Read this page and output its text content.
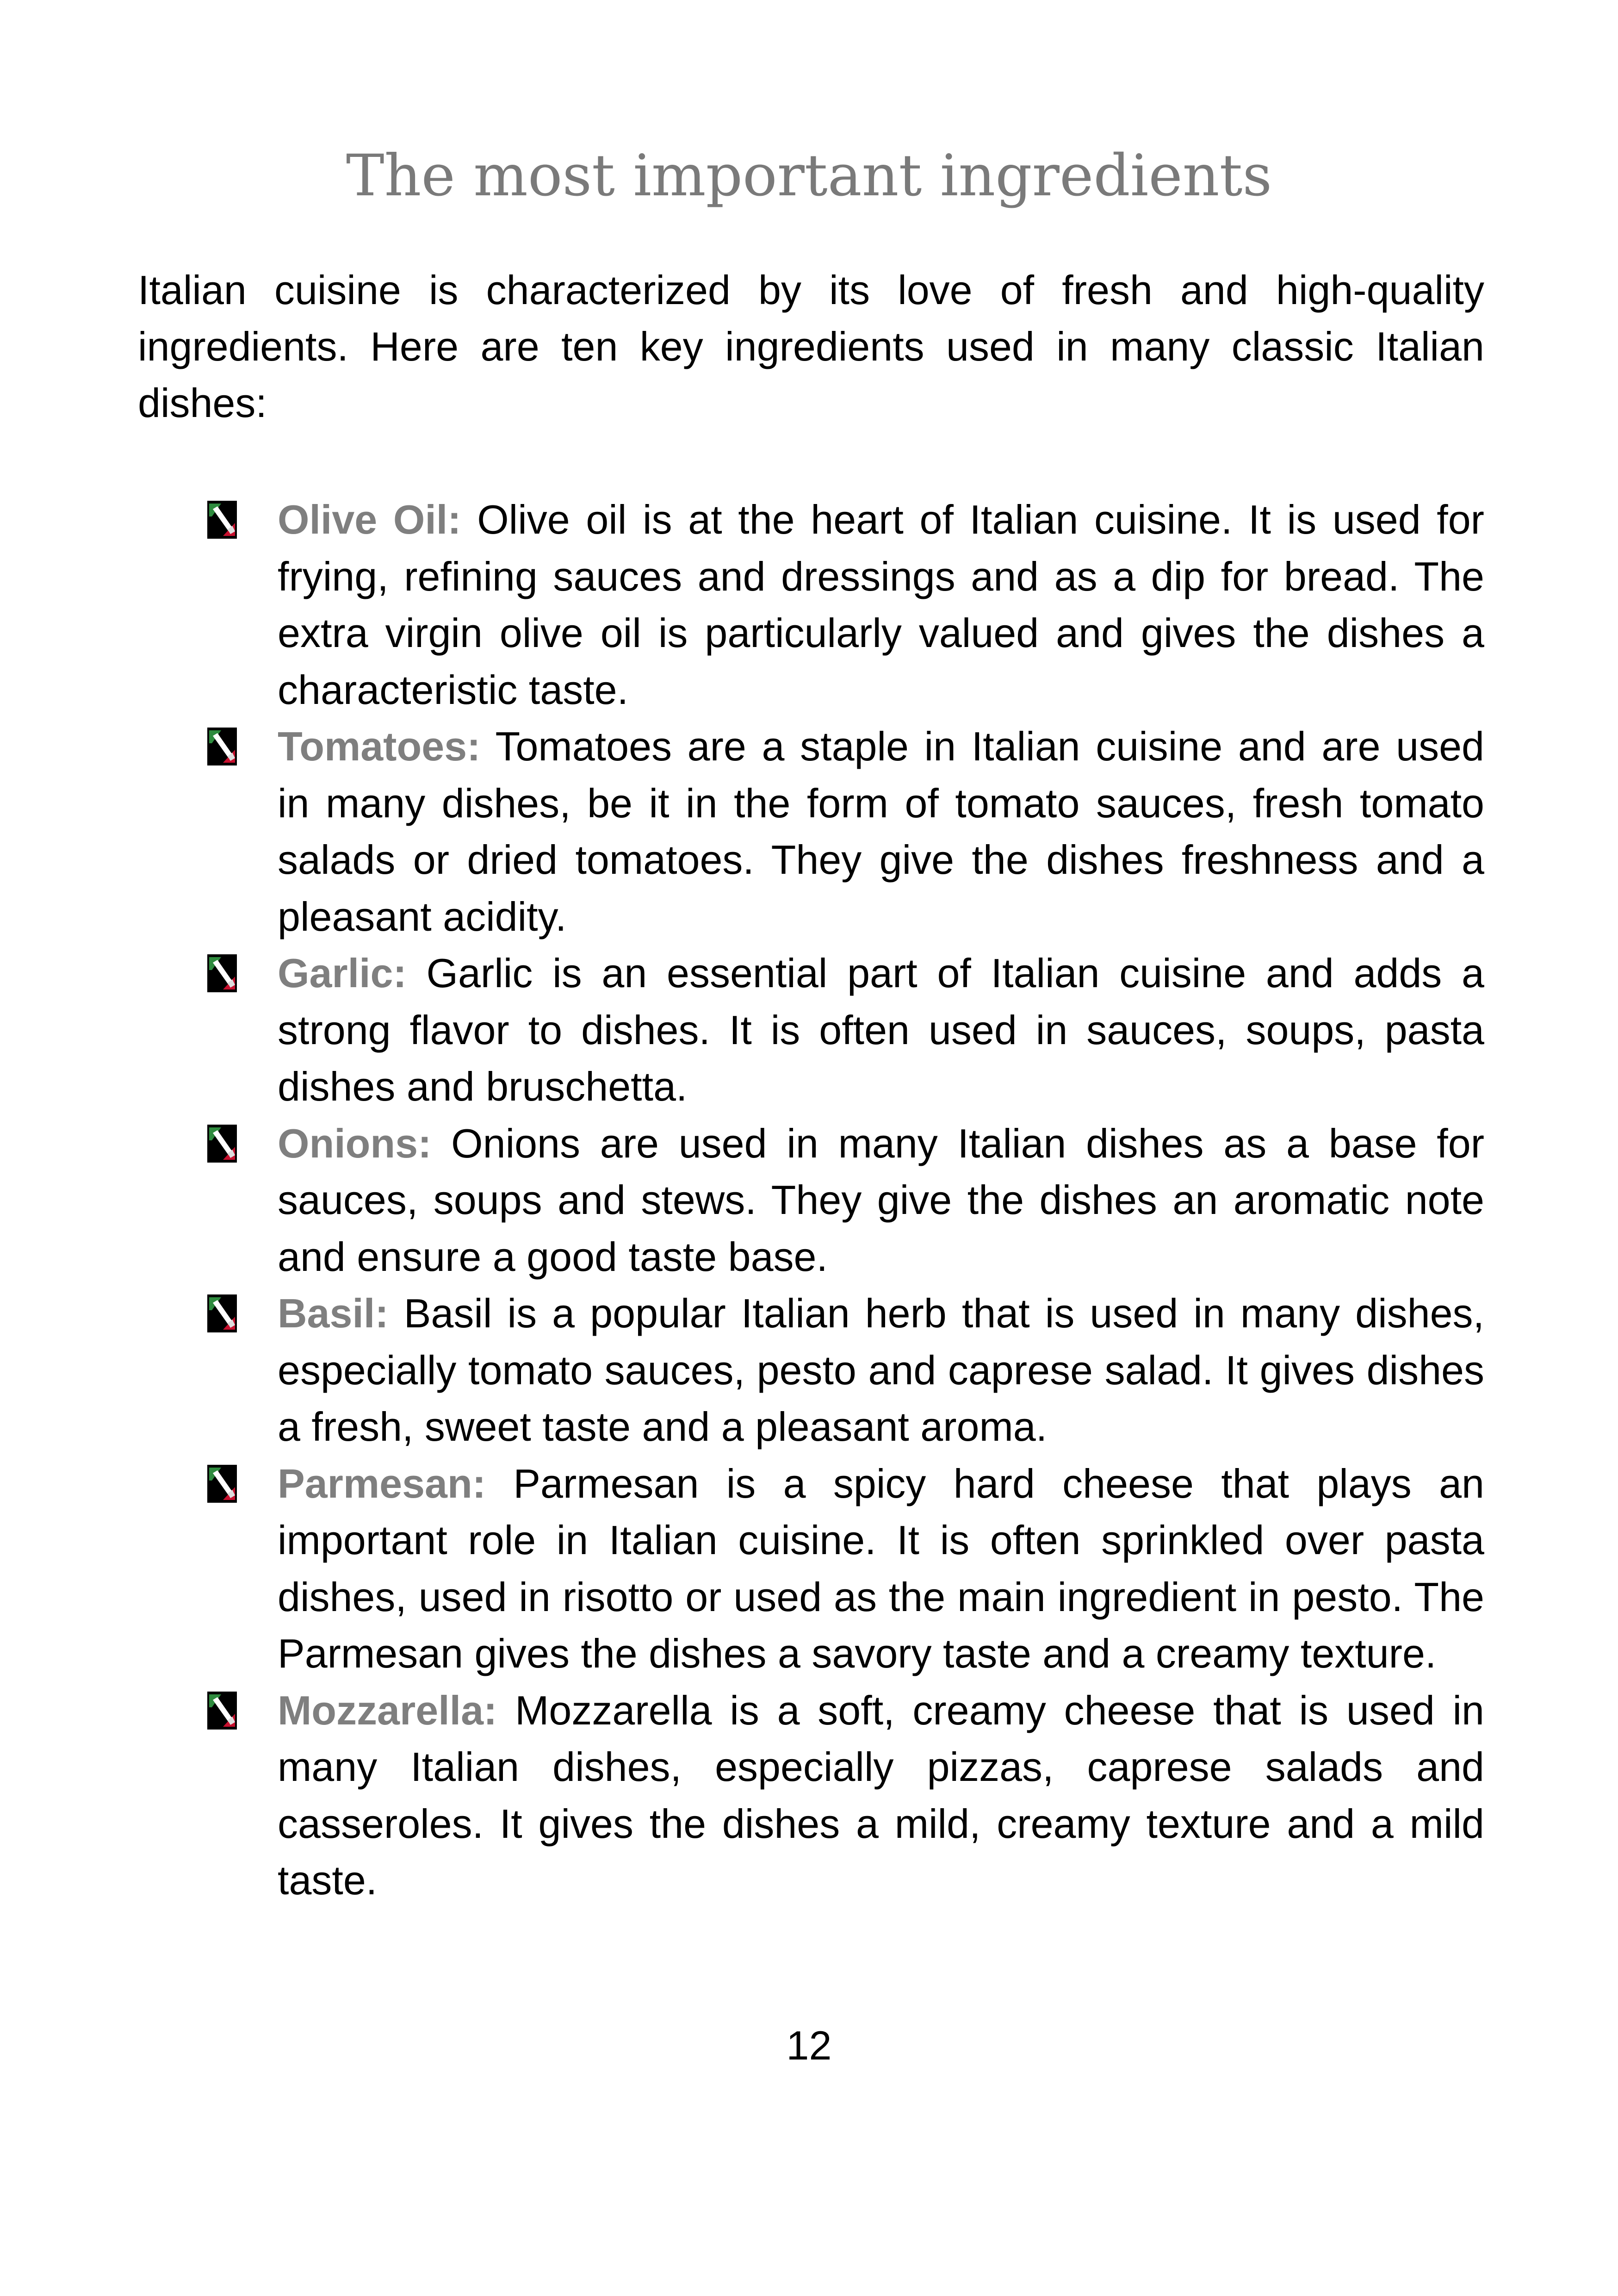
The most important ingredients

Italian cuisine is characterized by its love of fresh and high-quality ingredients. Here are ten key ingredients used in many classic Italian dishes:

Olive Oil: Olive oil is at the heart of Italian cuisine. It is used for frying, refining sauces and dressings and as a dip for bread. The extra virgin olive oil is particularly valued and gives the dishes a characteristic taste.
Tomatoes: Tomatoes are a staple in Italian cuisine and are used in many dishes, be it in the form of tomato sauces, fresh tomato salads or dried tomatoes. They give the dishes freshness and a pleasant acidity.
Garlic: Garlic is an essential part of Italian cuisine and adds a strong flavor to dishes. It is often used in sauces, soups, pasta dishes and bruschetta.
Onions: Onions are used in many Italian dishes as a base for sauces, soups and stews. They give the dishes an aromatic note and ensure a good taste base.
Basil: Basil is a popular Italian herb that is used in many dishes, especially tomato sauces, pesto and caprese salad. It gives dishes a fresh, sweet taste and a pleasant aroma.
Parmesan: Parmesan is a spicy hard cheese that plays an important role in Italian cuisine. It is often sprinkled over pasta dishes, used in risotto or used as the main ingredient in pesto. The Parmesan gives the dishes a savory taste and a creamy texture.
Mozzarella: Mozzarella is a soft, creamy cheese that is used in many Italian dishes, especially pizzas, caprese salads and casseroles. It gives the dishes a mild, creamy texture and a mild taste.
12
